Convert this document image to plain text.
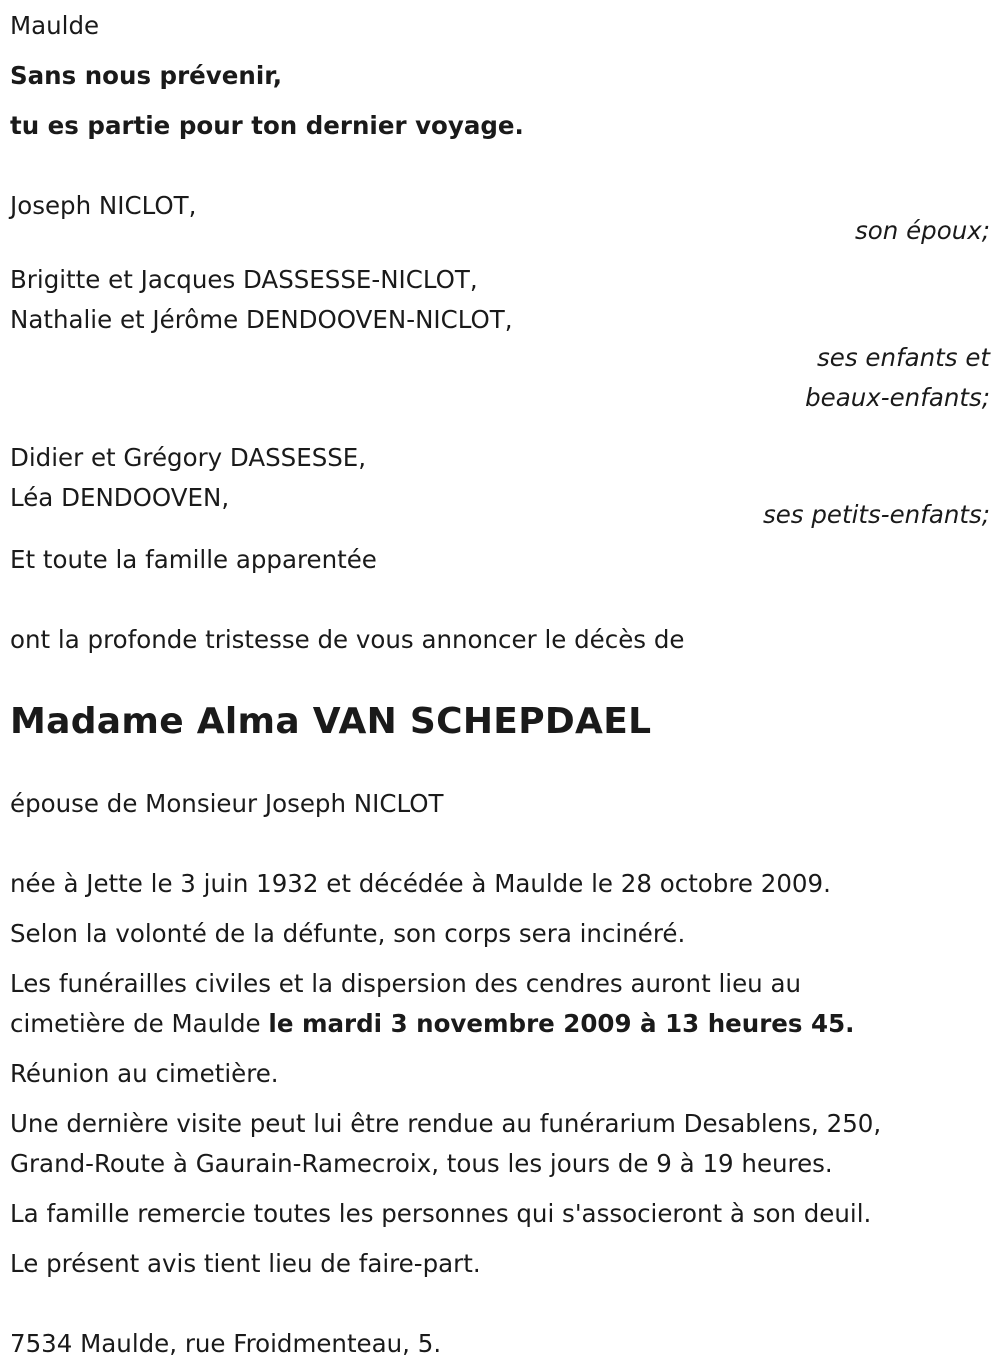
Maulde
Sans nous prévenir,
tu es partie pour ton dernier voyage.
Joseph NICLOT,
son époux;
Brigitte et Jacques DASSESSE-NICLOT,
Nathalie et Jérôme DENDOOVEN-NICLOT,
ses enfants et
beaux-enfants;
Didier et Grégory DASSESSE,
Léa DENDOOVEN,
ses petits-enfants;
Et toute la famille apparentée
ont la profonde tristesse de vous annoncer le décès de
Madame Alma VAN SCHEPDAEL
épouse de Monsieur Joseph NICLOT
née à Jette le 3 juin 1932 et décédée à Maulde le 28 octobre 2009.
Selon la volonté de la défunte, son corps sera incinéré.
Les funérailles civiles et la dispersion des cendres auront lieu au
cimetière de Maulde le mardi 3 novembre 2009 à 13 heures 45.
Réunion au cimetière.
Une dernière visite peut lui être rendue au funérarium Desablens, 250,
Grand-Route à Gaurain-Ramecroix, tous les jours de 9 à 19 heures.
La famille remercie toutes les personnes qui s'associeront à son deuil.
Le présent avis tient lieu de faire-part.
7534 Maulde, rue Froidmenteau, 5.
